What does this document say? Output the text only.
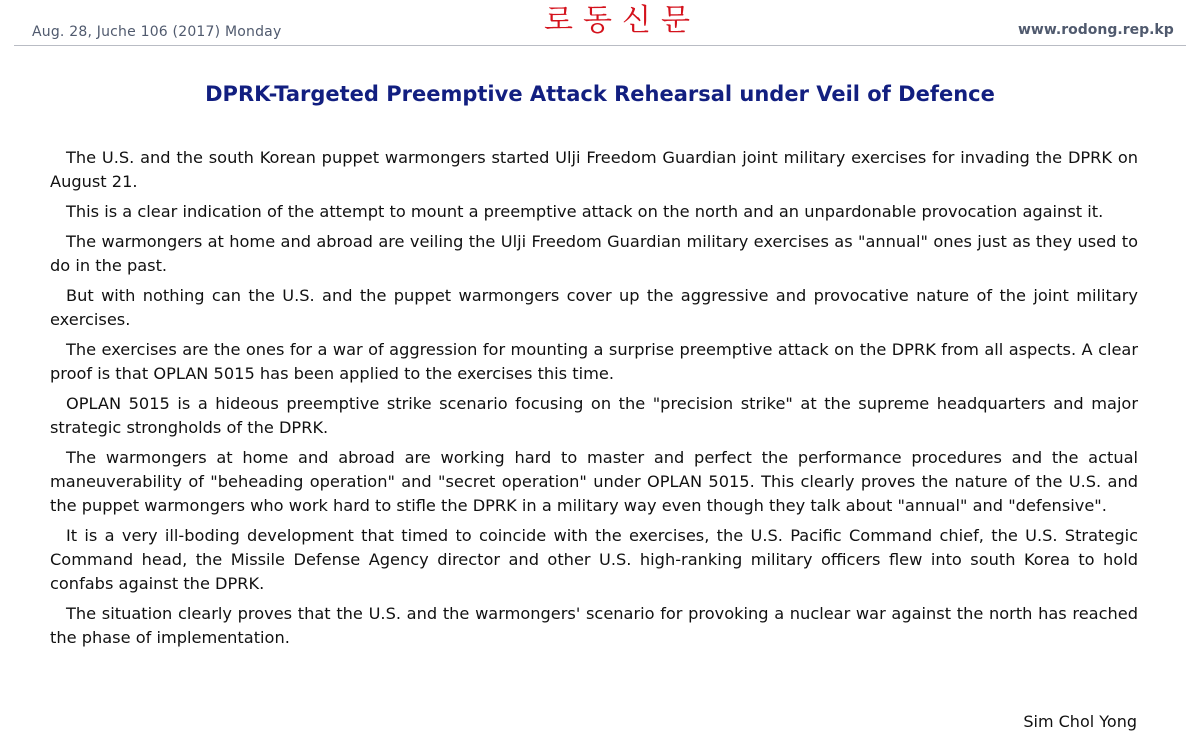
Aug. 28, Juche 106 (2017) Monday	로동신문	www.rodong.rep.kp
DPRK-Targeted Preemptive Attack Rehearsal under Veil of Defence

The U.S. and the south Korean puppet warmongers started Ulji Freedom Guardian joint military exercises for invading the DPRK on August 21.

This is a clear indication of the attempt to mount a preemptive attack on the north and an unpardonable provocation against it.

The warmongers at home and abroad are veiling the Ulji Freedom Guardian military exercises as "annual" ones just as they used to do in the past.

But with nothing can the U.S. and the puppet warmongers cover up the aggressive and provocative nature of the joint military exercises.

The exercises are the ones for a war of aggression for mounting a surprise preemptive attack on the DPRK from all aspects. A clear proof is that OPLAN 5015 has been applied to the exercises this time.

OPLAN 5015 is a hideous preemptive strike scenario focusing on the "precision strike" at the supreme headquarters and major strategic strongholds of the DPRK.

The warmongers at home and abroad are working hard to master and perfect the performance procedures and the actual maneuverability of "beheading operation" and "secret operation" under OPLAN 5015. This clearly proves the nature of the U.S. and the puppet warmongers who work hard to stifle the DPRK in a military way even though they talk about "annual" and "defensive".

It is a very ill-boding development that timed to coincide with the exercises, the U.S. Pacific Command chief, the U.S. Strategic Command head, the Missile Defense Agency director and other U.S. high-ranking military officers flew into south Korea to hold confabs against the DPRK.

The situation clearly proves that the U.S. and the warmongers' scenario for provoking a nuclear war against the north has reached the phase of implementation.

Sim Chol Yong
